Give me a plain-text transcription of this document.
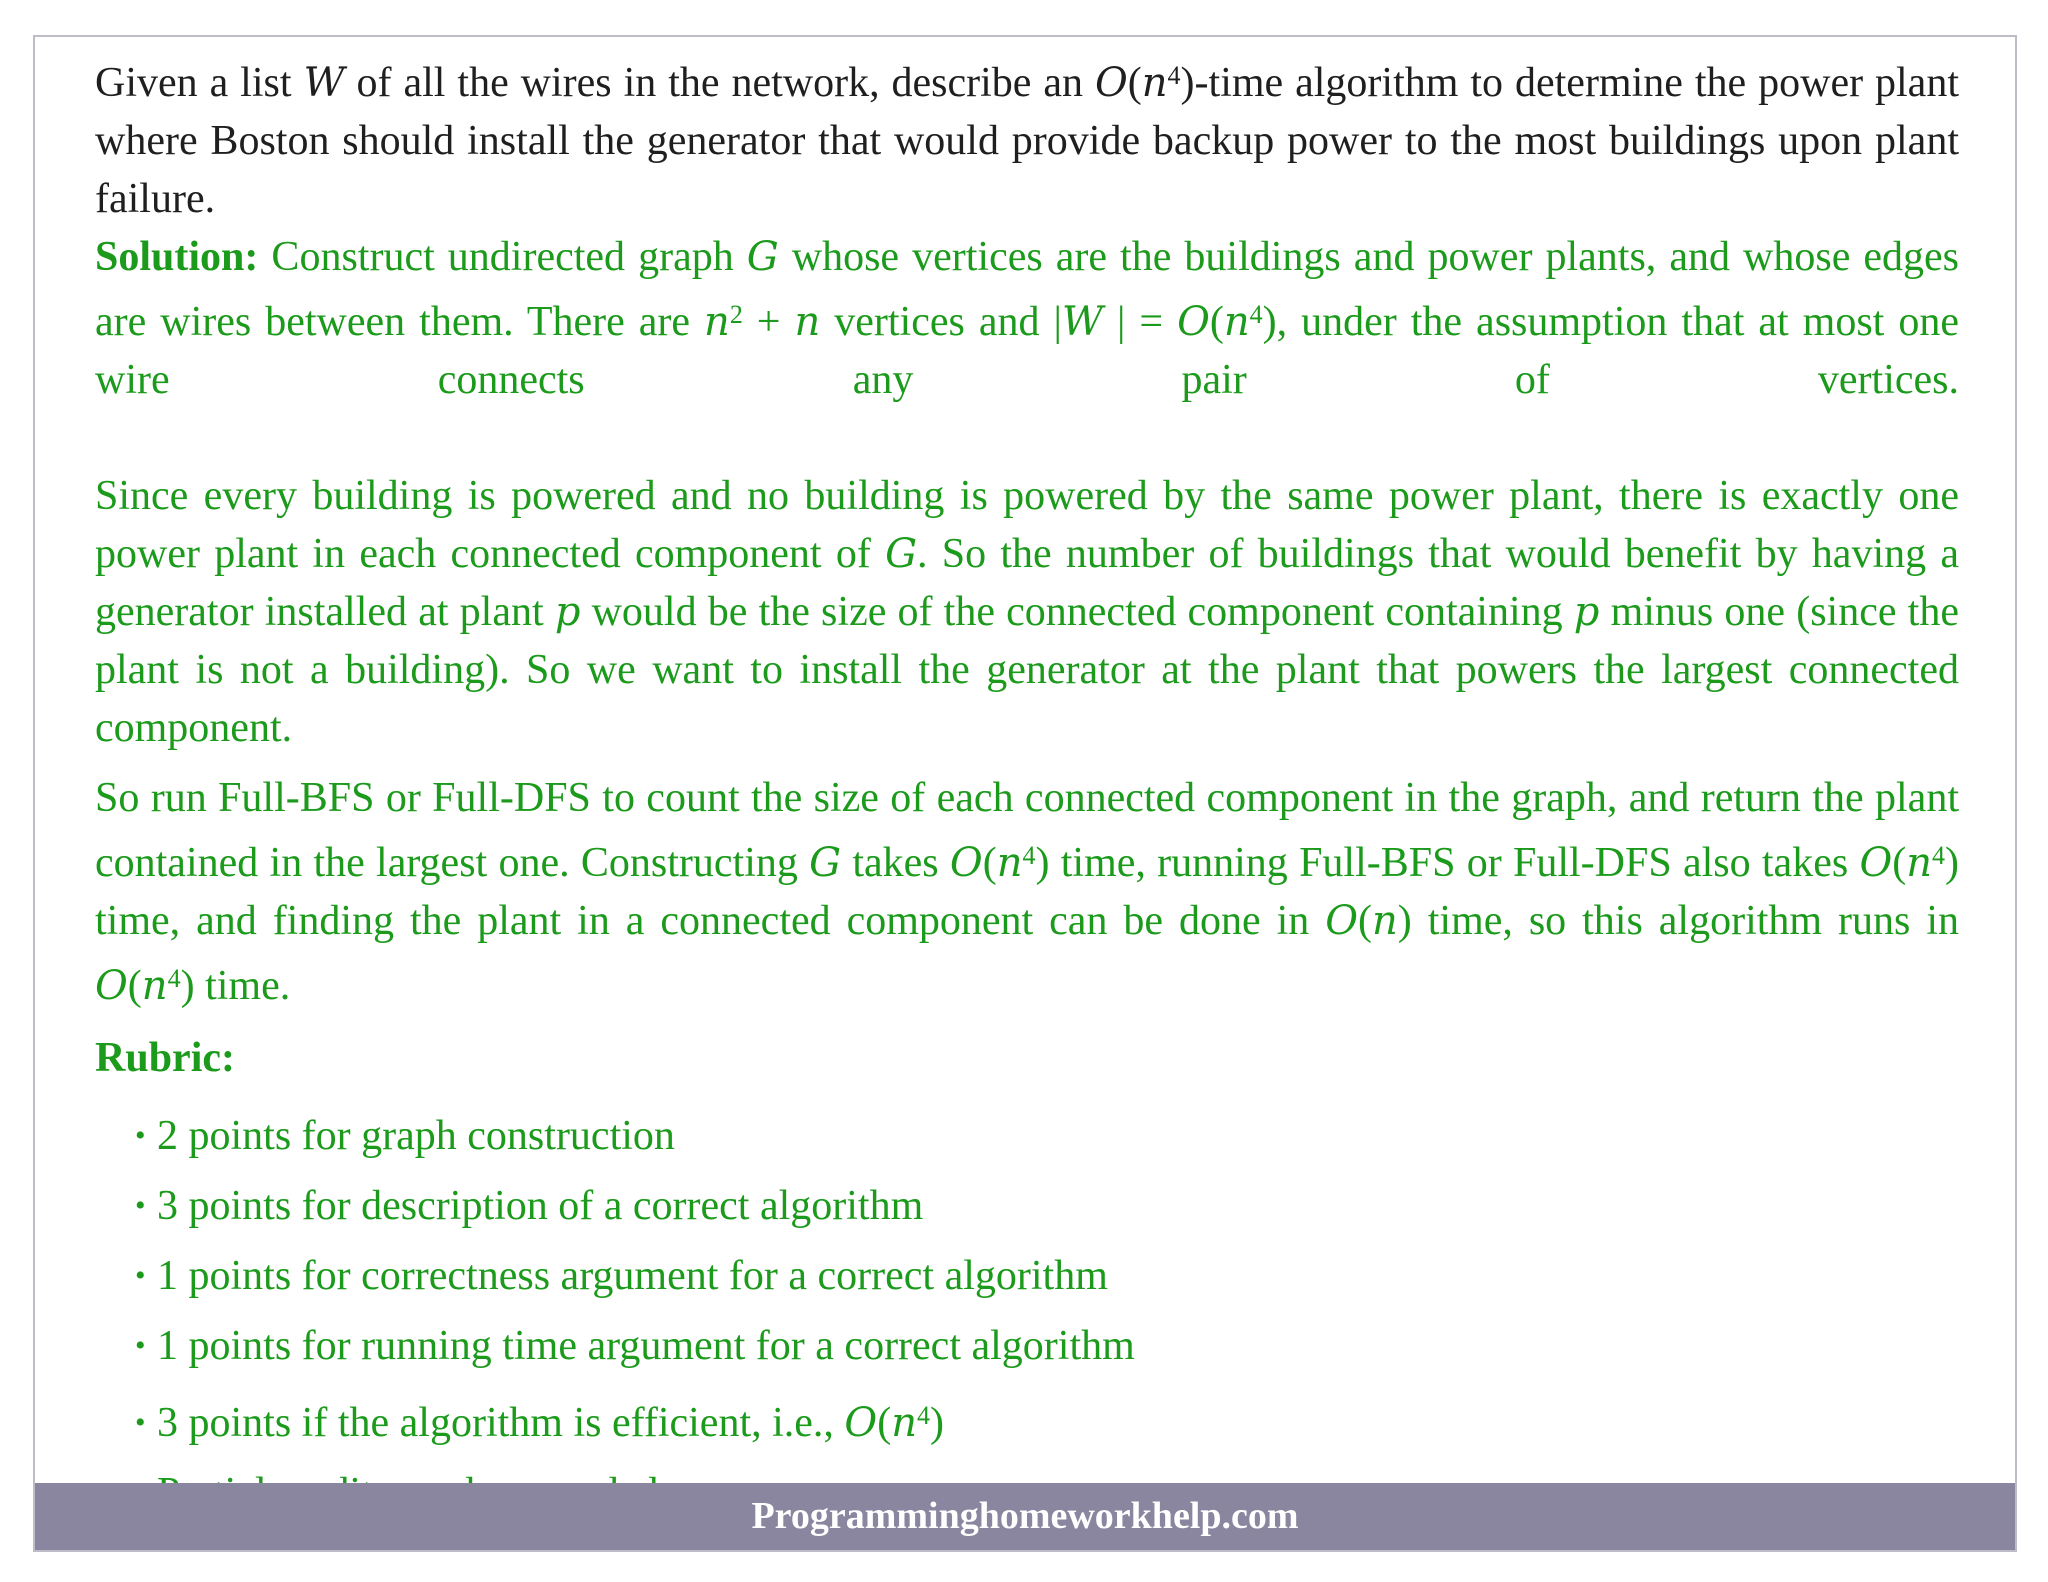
Given a list W of all the wires in the network, describe an $O(n^4)$-time algorithm to determine the power plant where Boston should install the generator that would provide backup power to the most buildings upon plant failure.

Solution: Construct undirected graph G whose vertices are the buildings and power plants, and whose edges are wires between them. There are $n^2 + n$ vertices and |W | = $O(n^4)$, under the assumption that at most one wire connects any pair of vertices.

Since every building is powered and no building is powered by the same power plant, there is exactly one power plant in each connected component of G. So the number of buildings that would benefit by having a generator installed at plant p would be the size of the connected component containing p minus one (since the plant is not a building). So we want to install the generator at the plant that powers the largest connected component.

So run Full-BFS or Full-DFS to count the size of each connected component in the graph, and return the plant contained in the largest one. Constructing G takes $O(n^4)$ time, running Full-BFS or Full-DFS also takes $O(n^4)$ time, and finding the plant in a connected component can be done in O(n) time, so this algorithm runs in $O(n^4)$ time.

Rubric:

• 2 points for graph construction
• 3 points for description of a correct algorithm
• 1 points for correctness argument for a correct algorithm
• 1 points for running time argument for a correct algorithm
• 3 points if the algorithm is efficient, i.e., $O(n^4)$
Programminghomeworkhelp.com
